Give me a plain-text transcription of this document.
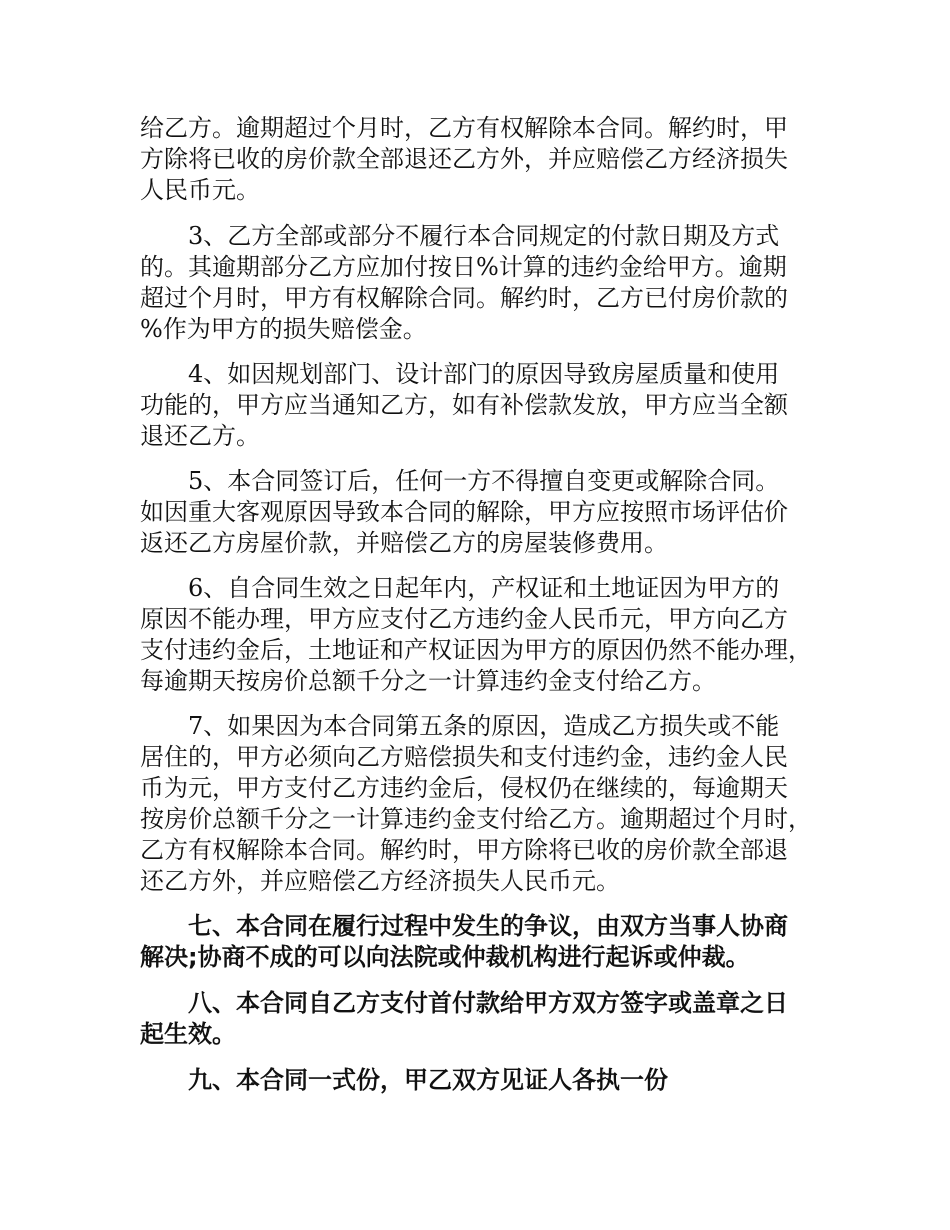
给乙方。逾期超过个月时，乙方有权解除本合同。解约时，甲
方除将已收的房价款全部退还乙方外，并应赔偿乙方经济损失
人民币元。
3、乙方全部或部分不履行本合同规定的付款日期及方式
的。其逾期部分乙方应加付按日%计算的违约金给甲方。逾期
超过个月时，甲方有权解除合同。解约时，乙方已付房价款的
%作为甲方的损失赔偿金。
4、如因规划部门、设计部门的原因导致房屋质量和使用
功能的，甲方应当通知乙方，如有补偿款发放，甲方应当全额
退还乙方。
5、本合同签订后，任何一方不得擅自变更或解除合同。
如因重大客观原因导致本合同的解除，甲方应按照市场评估价
返还乙方房屋价款，并赔偿乙方的房屋装修费用。
6、自合同生效之日起年内，产权证和土地证因为甲方的
原因不能办理，甲方应支付乙方违约金人民币元，甲方向乙方
支付违约金后，土地证和产权证因为甲方的原因仍然不能办理，
每逾期天按房价总额千分之一计算违约金支付给乙方。
7、如果因为本合同第五条的原因，造成乙方损失或不能
居住的，甲方必须向乙方赔偿损失和支付违约金，违约金人民
币为元，甲方支付乙方违约金后，侵权仍在继续的，每逾期天
按房价总额千分之一计算违约金支付给乙方。逾期超过个月时，
乙方有权解除本合同。解约时，甲方除将已收的房价款全部退
还乙方外，并应赔偿乙方经济损失人民币元。
七、本合同在履行过程中发生的争议，由双方当事人协商
解决;协商不成的可以向法院或仲裁机构进行起诉或仲裁。
八、本合同自乙方支付首付款给甲方双方签字或盖章之日
起生效。
九、本合同一式份，甲乙双方见证人各执一份
